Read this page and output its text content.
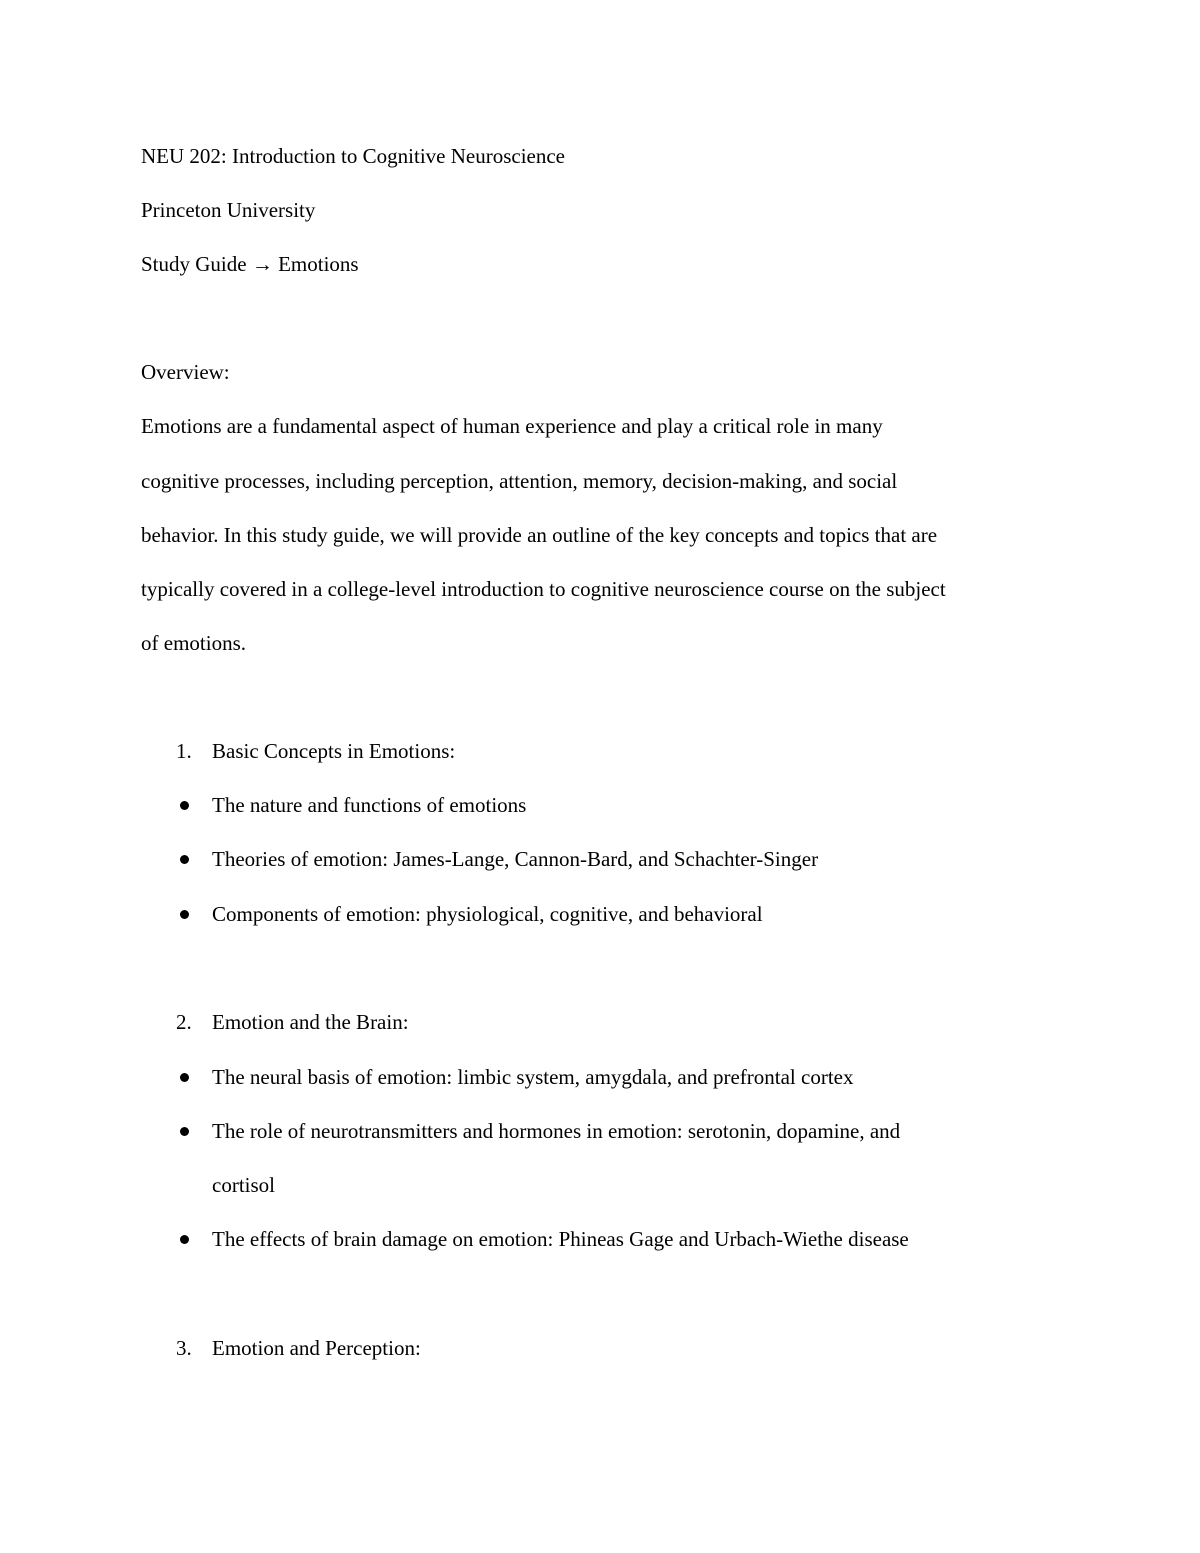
NEU 202: Introduction to Cognitive Neuroscience
Princeton University
Study Guide → Emotions
Overview:
Emotions are a fundamental aspect of human experience and play a critical role in many
cognitive processes, including perception, attention, memory, decision-making, and social
behavior. In this study guide, we will provide an outline of the key concepts and topics that are
typically covered in a college-level introduction to cognitive neuroscience course on the subject
of emotions.
1. Basic Concepts in Emotions:
The nature and functions of emotions
Theories of emotion: James-Lange, Cannon-Bard, and Schachter-Singer
Components of emotion: physiological, cognitive, and behavioral
2. Emotion and the Brain:
The neural basis of emotion: limbic system, amygdala, and prefrontal cortex
The role of neurotransmitters and hormones in emotion: serotonin, dopamine, and
cortisol
The effects of brain damage on emotion: Phineas Gage and Urbach-Wiethe disease
3. Emotion and Perception:
